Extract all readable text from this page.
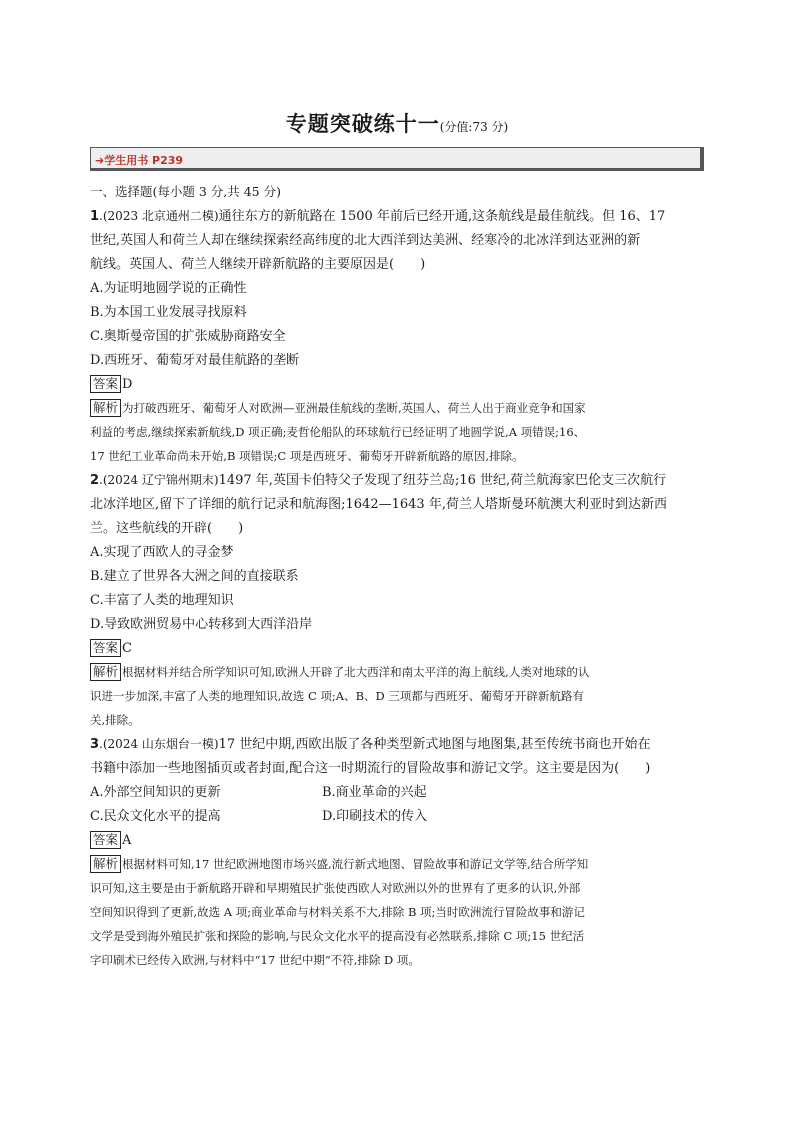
专题突破练十一(分值:73 分)
➜学生用书 P239
一、选择题(每小题 3 分,共 45 分)
1.(2023 北京通州二模)通往东方的新航路在 1500 年前后已经开通,这条航线是最佳航线。但 16、17
世纪,英国人和荷兰人却在继续探索经高纬度的北大西洋到达美洲、经寒冷的北冰洋到达亚洲的新
航线。英国人、荷兰人继续开辟新航路的主要原因是(　　)
A.为证明地圆学说的正确性
B.为本国工业发展寻找原料
C.奥斯曼帝国的扩张威胁商路安全
D.西班牙、葡萄牙对最佳航路的垄断
答案 D
解析 为打破西班牙、葡萄牙人对欧洲—亚洲最佳航线的垄断,英国人、荷兰人出于商业竞争和国家
利益的考虑,继续探索新航线,D 项正确;麦哲伦船队的环球航行已经证明了地圆学说,A 项错误;16、
17 世纪工业革命尚未开始,B 项错误;C 项是西班牙、葡萄牙开辟新航路的原因,排除。
2.(2024 辽宁锦州期末)1497 年,英国卡伯特父子发现了纽芬兰岛;16 世纪,荷兰航海家巴伦支三次航行
北冰洋地区,留下了详细的航行记录和航海图;1642—1643 年,荷兰人塔斯曼环航澳大利亚时到达新西
兰。这些航线的开辟(　　)
A.实现了西欧人的寻金梦
B.建立了世界各大洲之间的直接联系
C.丰富了人类的地理知识
D.导致欧洲贸易中心转移到大西洋沿岸
答案 C
解析 根据材料并结合所学知识可知,欧洲人开辟了北大西洋和南太平洋的海上航线,人类对地球的认
识进一步加深,丰富了人类的地理知识,故选 C 项;A、B、D 三项都与西班牙、葡萄牙开辟新航路有
关,排除。
3.(2024 山东烟台一模)17 世纪中期,西欧出版了各种类型新式地图与地图集,甚至传统书商也开始在
书籍中添加一些地图插页或者封面,配合这一时期流行的冒险故事和游记文学。这主要是因为(　　)
A.外部空间知识的更新	B.商业革命的兴起
C.民众文化水平的提高	D.印刷技术的传入
答案 A
解析 根据材料可知,17 世纪欧洲地图市场兴盛,流行新式地图、冒险故事和游记文学等,结合所学知
识可知,这主要是由于新航路开辟和早期殖民扩张使西欧人对欧洲以外的世界有了更多的认识,外部
空间知识得到了更新,故选 A 项;商业革命与材料关系不大,排除 B 项;当时欧洲流行冒险故事和游记
文学是受到海外殖民扩张和探险的影响,与民众文化水平的提高没有必然联系,排除 C 项;15 世纪活
字印刷术已经传入欧洲,与材料中“17 世纪中期”不符,排除 D 项。
